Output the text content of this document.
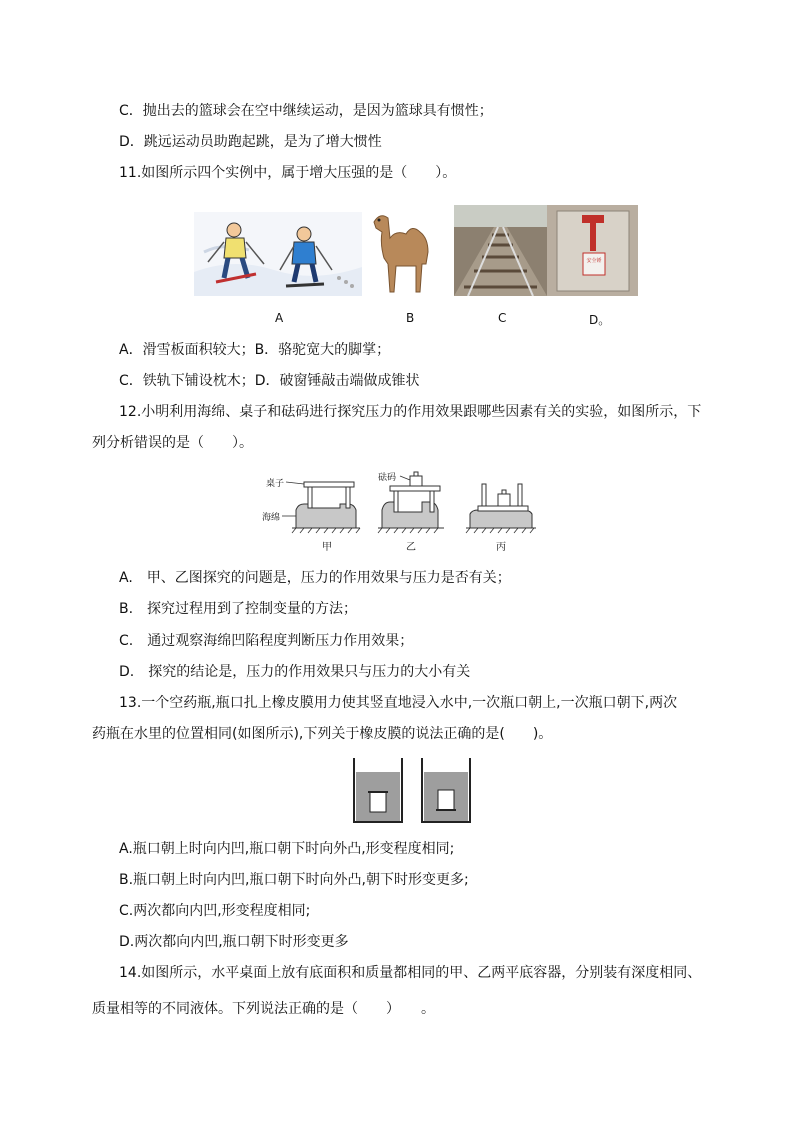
C．抛出去的篮球会在空中继续运动，是因为篮球具有惯性；
D．跳远运动员助跑起跳，是为了增大惯性
11.如图所示四个实例中，属于增大压强的是（　　）。
安全锤
A	B	C	D。
A．滑雪板面积较大；B．骆驼宽大的脚掌；
C．铁轨下铺设枕木；D．破窗锤敲击端做成锥状
12.小明利用海绵、桌子和砝码进行探究压力的作用效果跟哪些因素有关的实验，如图所示，下
列分析错误的是（　　）。
桌子
海绵
砝码
甲	乙	丙
A.　甲、乙图探究的问题是，压力的作用效果与压力是否有关；
B.　探究过程用到了控制变量的方法；
C.　通过观察海绵凹陷程度判断压力作用效果；
D.　探究的结论是，压力的作用效果只与压力的大小有关
13.一个空药瓶,瓶口扎上橡皮膜用力使其竖直地浸入水中,一次瓶口朝上,一次瓶口朝下,两次
药瓶在水里的位置相同(如图所示),下列关于橡皮膜的说法正确的是(　　)。
A.瓶口朝上时向内凹,瓶口朝下时向外凸,形变程度相同;
B.瓶口朝上时向内凹,瓶口朝下时向外凸,朝下时形变更多;
C.两次都向内凹,形变程度相同;
D.两次都向内凹,瓶口朝下时形变更多
14.如图所示，水平桌面上放有底面积和质量都相同的甲、乙两平底容器，分别装有深度相同、
质量相等的不同液体。下列说法正确的是（　　）　　。
